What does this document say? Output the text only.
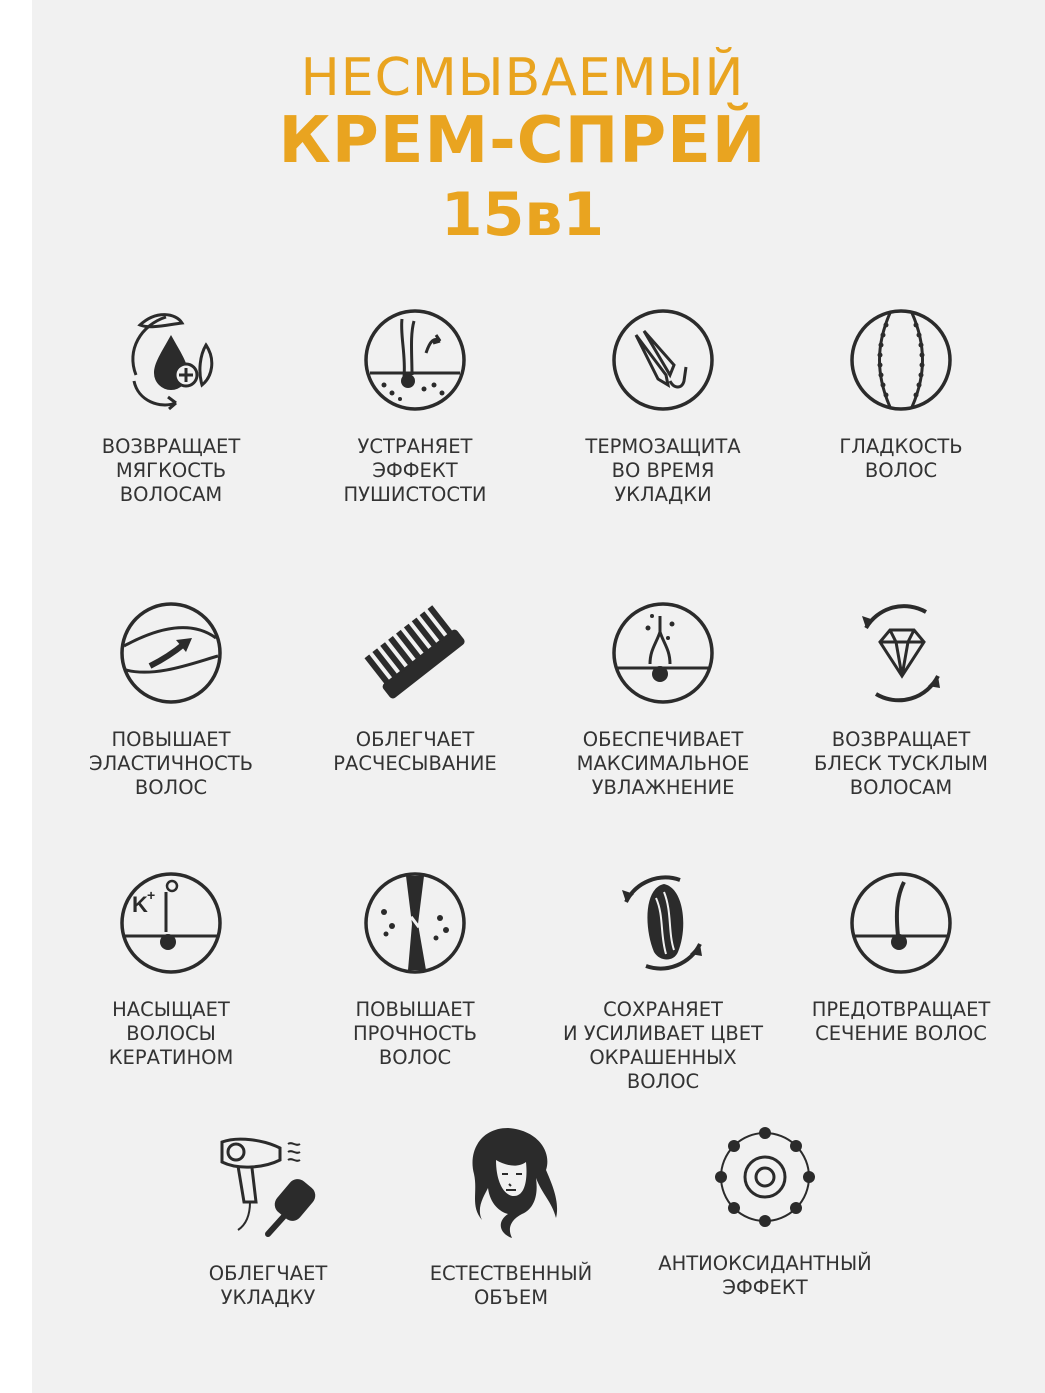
НЕСМЫВАЕМЫЙ
КРЕМ-СПРЕЙ
15в1
ВОЗВРАЩАЕТ
МЯГКОСТЬ
ВОЛОСАМ
УСТРАНЯЕТ
ЭФФЕКТ
ПУШИСТОСТИ
ТЕРМОЗАЩИТА
ВО ВРЕМЯ
УКЛАДКИ
ГЛАДКОСТЬ
ВОЛОС
ПОВЫШАЕТ
ЭЛАСТИЧНОСТЬ
ВОЛОС
ОБЛЕГЧАЕТ
РАСЧЕСЫВАНИЕ
ОБЕСПЕЧИВАЕТ
МАКСИМАЛЬНОЕ
УВЛАЖНЕНИЕ
ВОЗВРАЩАЕТ
БЛЕСК ТУСКЛЫМ
ВОЛОСАМ
K +
НАСЫЩАЕТ
ВОЛОСЫ
КЕРАТИНОМ
ПОВЫШАЕТ
ПРОЧНОСТЬ
ВОЛОС
СОХРАНЯЕТ
И УСИЛИВАЕТ ЦВЕТ
ОКРАШЕННЫХ
ВОЛОС
ПРЕДОТВРАЩАЕТ
СЕЧЕНИЕ ВОЛОС
ОБЛЕГЧАЕТ
УКЛАДКУ
ЕСТЕСТВЕННЫЙ
ОБЪЕМ
АНТИОКСИДАНТНЫЙ
ЭФФЕКТ
